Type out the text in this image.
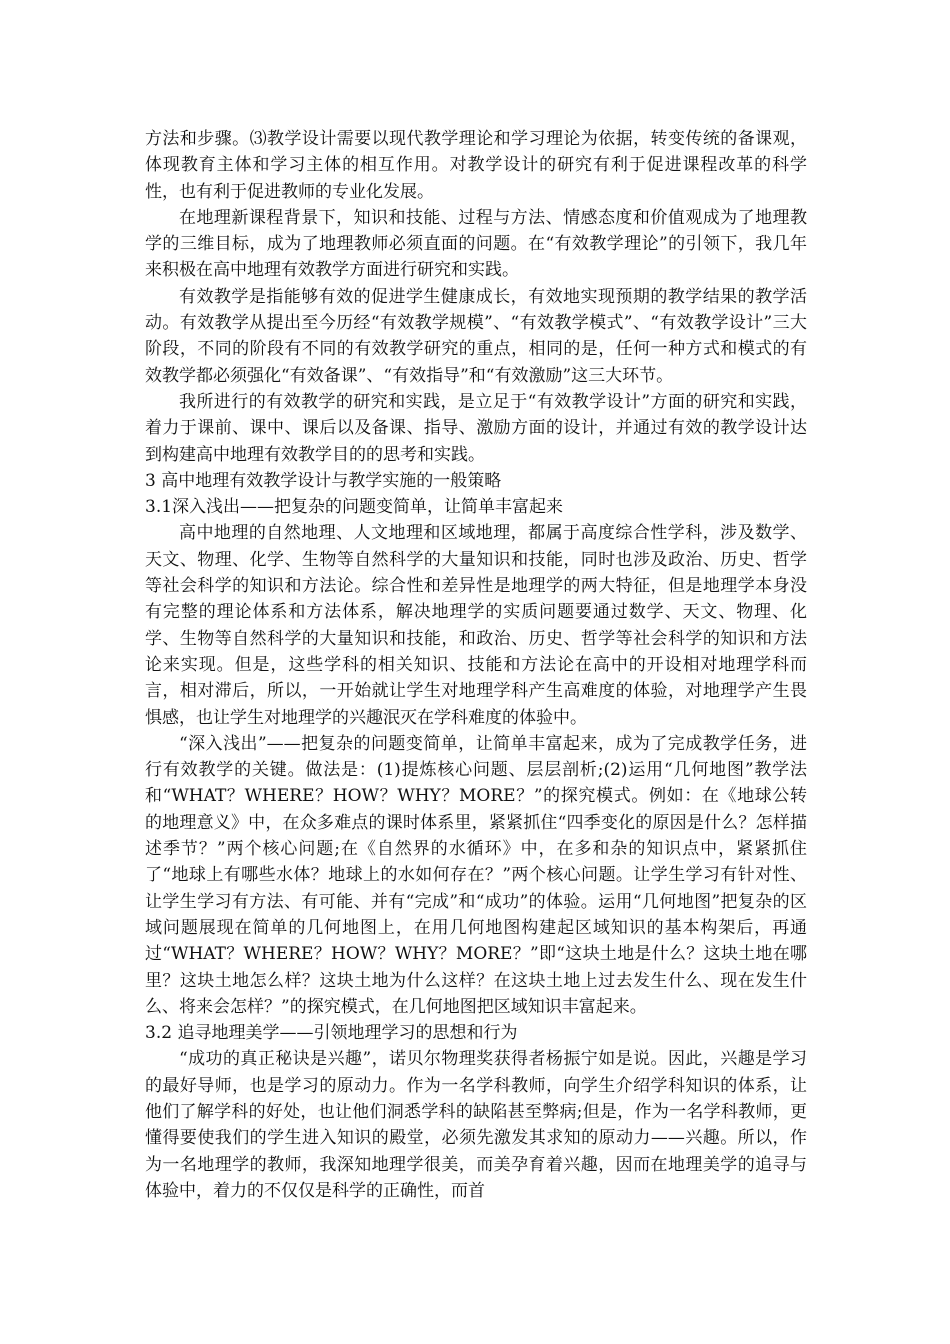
方法和步骤。⑶教学设计需要以现代教学理论和学习理论为依据，转变传统的备课观，体现教育主体和学习主体的相互作用。对教学设计的研究有利于促进课程改革的科学性，也有利于促进教师的专业化发展。

在地理新课程背景下，知识和技能、过程与方法、情感态度和价值观成为了地理教学的三维目标，成为了地理教师必须直面的问题。在“有效教学理论”的引领下，我几年来积极在高中地理有效教学方面进行研究和实践。

有效教学是指能够有效的促进学生健康成长，有效地实现预期的教学结果的教学活动。有效教学从提出至今历经“有效教学规模”、“有效教学模式”、“有效教学设计”三大阶段，不同的阶段有不同的有效教学研究的重点，相同的是，任何一种方式和模式的有效教学都必须强化“有效备课”、“有效指导”和“有效激励”这三大环节。

我所进行的有效教学的研究和实践，是立足于“有效教学设计”方面的研究和实践，着力于课前、课中、课后以及备课、指导、激励方面的设计，并通过有效的教学设计达到构建高中地理有效教学目的的思考和实践。

3 高中地理有效教学设计与教学实施的一般策略

3.1深入浅出——把复杂的问题变简单，让简单丰富起来

高中地理的自然地理、人文地理和区域地理，都属于高度综合性学科，涉及数学、天文、物理、化学、生物等自然科学的大量知识和技能，同时也涉及政治、历史、哲学等社会科学的知识和方法论。综合性和差异性是地理学的两大特征，但是地理学本身没有完整的理论体系和方法体系，解决地理学的实质问题要通过数学、天文、物理、化学、生物等自然科学的大量知识和技能，和政治、历史、哲学等社会科学的知识和方法论来实现。但是，这些学科的相关知识、技能和方法论在高中的开设相对地理学科而言，相对滞后，所以，一开始就让学生对地理学科产生高难度的体验，对地理学产生畏惧感，也让学生对地理学的兴趣泯灭在学科难度的体验中。

“深入浅出”——把复杂的问题变简单，让简单丰富起来，成为了完成教学任务，进行有效教学的关键。做法是：(1)提炼核心问题、层层剖析;(2)运用“几何地图”教学法和“WHAT？WHERE？HOW？WHY？MORE？”的探究模式。例如：在《地球公转的地理意义》中，在众多难点的课时体系里，紧紧抓住“四季变化的原因是什么？怎样描述季节？”两个核心问题;在《自然界的水循环》中，在多和杂的知识点中，紧紧抓住了“地球上有哪些水体？地球上的水如何存在？”两个核心问题。让学生学习有针对性、让学生学习有方法、有可能、并有“完成”和“成功”的体验。运用“几何地图”把复杂的区域问题展现在简单的几何地图上，在用几何地图构建起区域知识的基本构架后，再通过“WHAT？WHERE？HOW？WHY？MORE？”即“这块土地是什么？这块土地在哪里？这块土地怎么样？这块土地为什么这样？在这块土地上过去发生什么、现在发生什么、将来会怎样？”的探究模式，在几何地图把区域知识丰富起来。

3.2 追寻地理美学——引领地理学习的思想和行为

“成功的真正秘诀是兴趣”，诺贝尔物理奖获得者杨振宁如是说。因此，兴趣是学习的最好导师，也是学习的原动力。作为一名学科教师，向学生介绍学科知识的体系，让他们了解学科的好处，也让他们洞悉学科的缺陷甚至弊病;但是，作为一名学科教师，更懂得要使我们的学生进入知识的殿堂，必须先激发其求知的原动力——兴趣。所以，作为一名地理学的教师，我深知地理学很美，而美孕育着兴趣，因而在地理美学的追寻与体验中，着力的不仅仅是科学的正确性，而首
